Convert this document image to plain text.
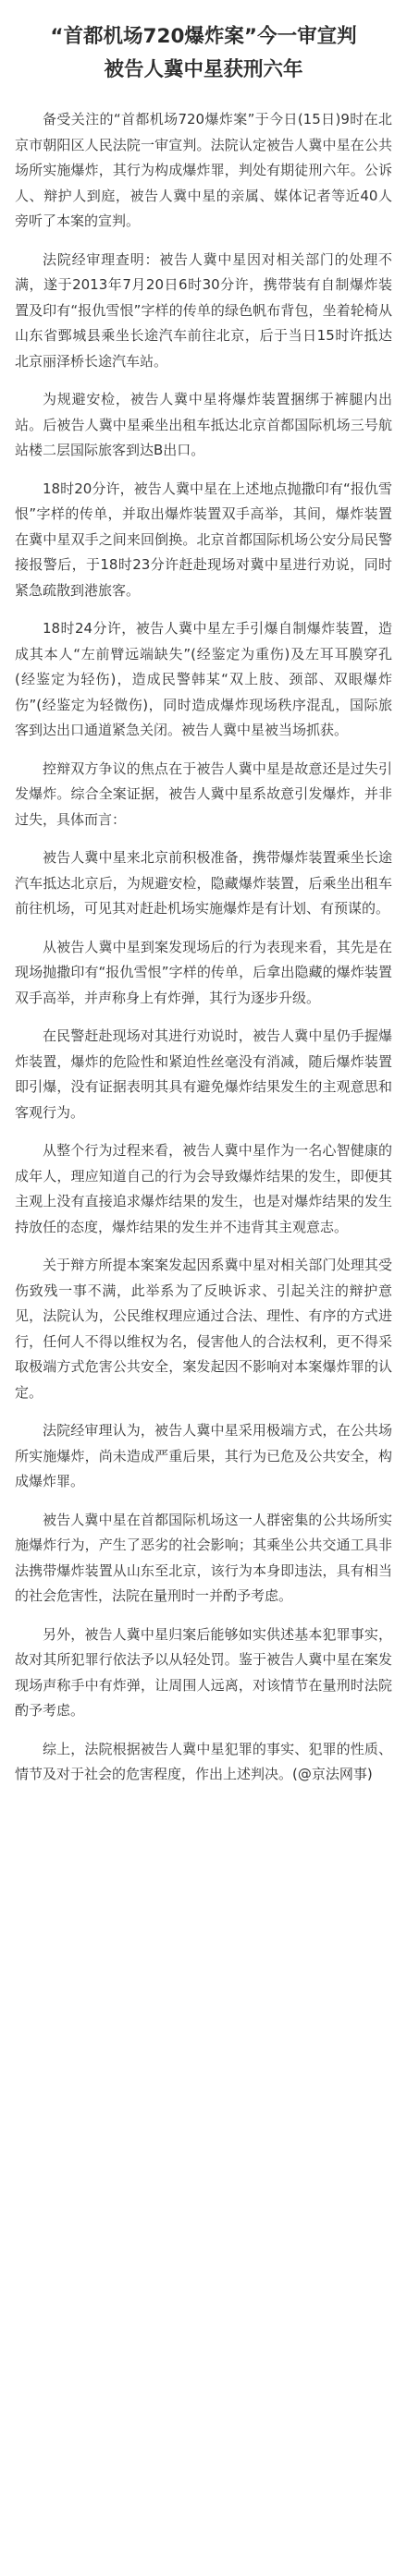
“首都机场720爆炸案”今一审宣判
被告人冀中星获刑六年

备受关注的“首都机场720爆炸案”于今日(15日)9时在北京市朝阳区人民法院一审宣判。法院认定被告人冀中星在公共场所实施爆炸，其行为构成爆炸罪，判处有期徒刑六年。公诉人、辩护人到庭，被告人冀中星的亲属、媒体记者等近40人旁听了本案的宣判。

法院经审理查明：被告人冀中星因对相关部门的处理不满，遂于2013年7月20日6时30分许，携带装有自制爆炸装置及印有“报仇雪恨”字样的传单的绿色帆布背包，坐着轮椅从山东省鄄城县乘坐长途汽车前往北京，后于当日15时许抵达北京丽泽桥长途汽车站。

为规避安检，被告人冀中星将爆炸装置捆绑于裤腿内出站。后被告人冀中星乘坐出租车抵达北京首都国际机场三号航站楼二层国际旅客到达B出口。

18时20分许，被告人冀中星在上述地点抛撒印有“报仇雪恨”字样的传单，并取出爆炸装置双手高举，其间，爆炸装置在冀中星双手之间来回倒换。北京首都国际机场公安分局民警接报警后，于18时23分许赶赴现场对冀中星进行劝说，同时紧急疏散到港旅客。

18时24分许，被告人冀中星左手引爆自制爆炸装置，造成其本人“左前臂远端缺失”(经鉴定为重伤)及左耳耳膜穿孔(经鉴定为轻伤)，造成民警韩某“双上肢、颈部、双眼爆炸伤”(经鉴定为轻微伤)，同时造成爆炸现场秩序混乱，国际旅客到达出口通道紧急关闭。被告人冀中星被当场抓获。

控辩双方争议的焦点在于被告人冀中星是故意还是过失引发爆炸。综合全案证据，被告人冀中星系故意引发爆炸，并非过失，具体而言：

被告人冀中星来北京前积极准备，携带爆炸装置乘坐长途汽车抵达北京后，为规避安检，隐藏爆炸装置，后乘坐出租车前往机场，可见其对赶赴机场实施爆炸是有计划、有预谋的。

从被告人冀中星到案发现场后的行为表现来看，其先是在现场抛撒印有“报仇雪恨”字样的传单，后拿出隐藏的爆炸装置双手高举，并声称身上有炸弹，其行为逐步升级。

在民警赶赴现场对其进行劝说时，被告人冀中星仍手握爆炸装置，爆炸的危险性和紧迫性丝毫没有消减，随后爆炸装置即引爆，没有证据表明其具有避免爆炸结果发生的主观意思和客观行为。

从整个行为过程来看，被告人冀中星作为一名心智健康的成年人，理应知道自己的行为会导致爆炸结果的发生，即便其主观上没有直接追求爆炸结果的发生，也是对爆炸结果的发生持放任的态度，爆炸结果的发生并不违背其主观意志。

关于辩方所提本案案发起因系冀中星对相关部门处理其受伤致残一事不满，此举系为了反映诉求、引起关注的辩护意见，法院认为，公民维权理应通过合法、理性、有序的方式进行，任何人不得以维权为名，侵害他人的合法权利，更不得采取极端方式危害公共安全，案发起因不影响对本案爆炸罪的认定。

法院经审理认为，被告人冀中星采用极端方式，在公共场所实施爆炸，尚未造成严重后果，其行为已危及公共安全，构成爆炸罪。

被告人冀中星在首都国际机场这一人群密集的公共场所实施爆炸行为，产生了恶劣的社会影响；其乘坐公共交通工具非法携带爆炸装置从山东至北京，该行为本身即违法，具有相当的社会危害性，法院在量刑时一并酌予考虑。

另外，被告人冀中星归案后能够如实供述基本犯罪事实，故对其所犯罪行依法予以从轻处罚。鉴于被告人冀中星在案发现场声称手中有炸弹，让周围人远离，对该情节在量刑时法院酌予考虑。

综上，法院根据被告人冀中星犯罪的事实、犯罪的性质、情节及对于社会的危害程度，作出上述判决。(@京法网事)
